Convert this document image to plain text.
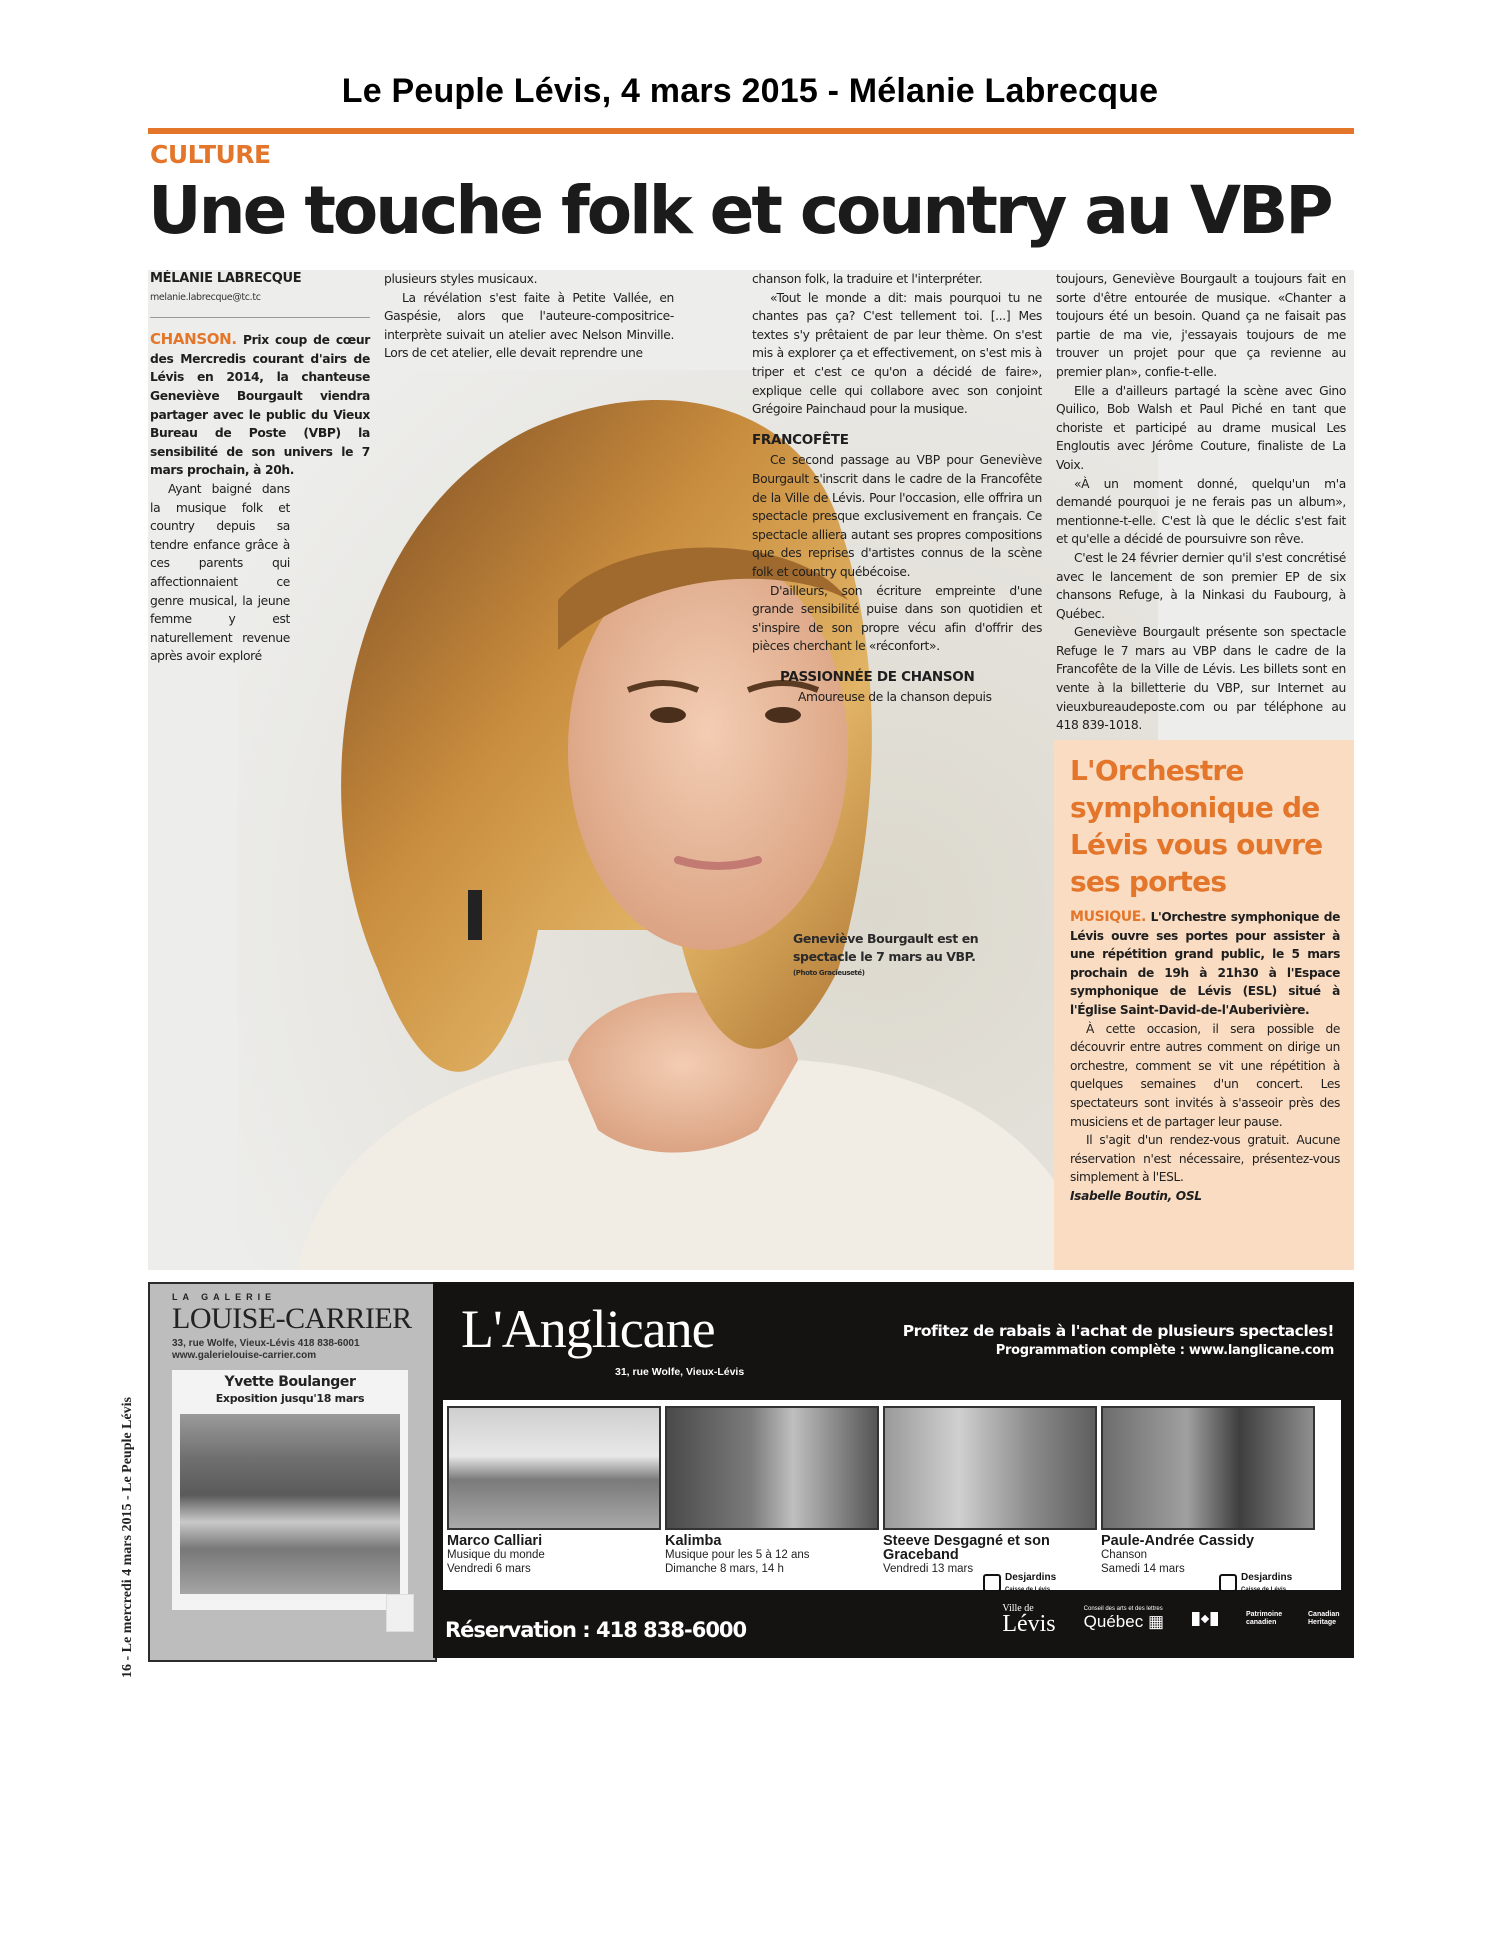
Le Peuple Lévis, 4 mars 2015 - Mélanie Labrecque
CULTURE
Une touche folk et country au VBP
MÉLANIE LABRECQUE
melanie.labrecque@tc.tc

CHANSON. Prix coup de cœur des Mercredis courant d'airs de Lévis en 2014, la chanteuse Geneviève Bourgault viendra partager avec le public du Vieux Bureau de Poste (VBP) la sensibilité de son univers le 7 mars prochain, à 20h.

Ayant baigné dans la musique folk et country depuis sa tendre enfance grâce à ces parents qui affectionnaient ce genre musical, la jeune femme y est naturellement revenue après avoir exploré

plusieurs styles musicaux.

La révélation s'est faite à Petite Vallée, en Gaspésie, alors que l'auteure-compositrice-interprète suivait un atelier avec Nelson Minville. Lors de cet atelier, elle devait reprendre une

chanson folk, la traduire et l'interpréter.

«Tout le monde a dit: mais pourquoi tu ne chantes pas ça? C'est tellement toi. [...] Mes textes s'y prêtaient de par leur thème. On s'est mis à explorer ça et effectivement, on s'est mis à triper et c'est ce qu'on a décidé de faire», explique celle qui collabore avec son conjoint Grégoire Painchaud pour la musique.

FRANCOFÊTE

Ce second passage au VBP pour Geneviève Bourgault s'inscrit dans le cadre de la Francofête de la Ville de Lévis. Pour l'occasion, elle offrira un spectacle presque exclusivement en français. Ce spectacle alliera autant ses propres compositions que des reprises d'artistes connus de la scène folk et country québécoise.

D'ailleurs, son écriture empreinte d'une grande sensibilité puise dans son quotidien et s'inspire de son propre vécu afin d'offrir des pièces cherchant le «réconfort».

PASSIONNÉE DE CHANSON

Amoureuse de la chanson depuis

toujours, Geneviève Bourgault a toujours fait en sorte d'être entourée de musique. «Chanter a toujours été un besoin. Quand ça ne faisait pas partie de ma vie, j'essayais toujours de me trouver un projet pour que ça revienne au premier plan», confie-t-elle.

Elle a d'ailleurs partagé la scène avec Gino Quilico, Bob Walsh et Paul Piché en tant que choriste et participé au drame musical Les Engloutis avec Jérôme Couture, finaliste de La Voix.

«À un moment donné, quelqu'un m'a demandé pourquoi je ne ferais pas un album», mentionne-t-elle. C'est là que le déclic s'est fait et qu'elle a décidé de poursuivre son rêve.

C'est le 24 février dernier qu'il s'est concrétisé avec le lancement de son premier EP de six chansons Refuge, à la Ninkasi du Faubourg, à Québec.

Geneviève Bourgault présente son spectacle Refuge le 7 mars au VBP dans le cadre de la Francofête de la Ville de Lévis. Les billets sont en vente à la billetterie du VBP, sur Internet au vieuxbureaudeposte.com ou par téléphone au 418 839-1018.

Geneviève Bourgault est en spectacle le 7 mars au VBP.
(Photo Gracieuseté)
L'Orchestre symphonique de Lévis vous ouvre ses portes

MUSIQUE. L'Orchestre symphonique de Lévis ouvre ses portes pour assister à une répétition grand public, le 5 mars prochain de 19h à 21h30 à l'Espace symphonique de Lévis (ESL) situé à l'Église Saint-David-de-l'Auberivière.

À cette occasion, il sera possible de découvrir entre autres comment on dirige un orchestre, comment se vit une répétition à quelques semaines d'un concert. Les spectateurs sont invités à s'asseoir près des musiciens et de partager leur pause.

Il s'agit d'un rendez-vous gratuit. Aucune réservation n'est nécessaire, présentez-vous simplement à l'ESL.

Isabelle Boutin, OSL

16 - Le mercredi 4 mars 2015 - Le Peuple Lévis
LA GALERIE
LOUISE-CARRIER
33, rue Wolfe, Vieux-Lévis 418 838-6001
www.galerielouise-carrier.com
Yvette Boulanger
Exposition jusqu'18 mars
L'Anglicane
31, rue Wolfe, Vieux-Lévis
Profitez de rabais à l'achat de plusieurs spectacles!
Programmation complète : www.langlicane.com
Marco Calliari
Musique du monde
Vendredi 6 mars
Kalimba
Musique pour les 5 à 12 ans
Dimanche 8 mars, 14 h
Steeve Desgagné et son Graceband
Vendredi 13 mars
Paule-Andrée Cassidy
Chanson
Samedi 14 mars
Desjardins
Caisse de Lévis
Desjardins
Caisse de Lévis
Réservation : 418 838-6000
Ville de
Lévis
Conseil des arts et des lettres
Québec ▦	Patrimoine canadien
Canadian Heritage
